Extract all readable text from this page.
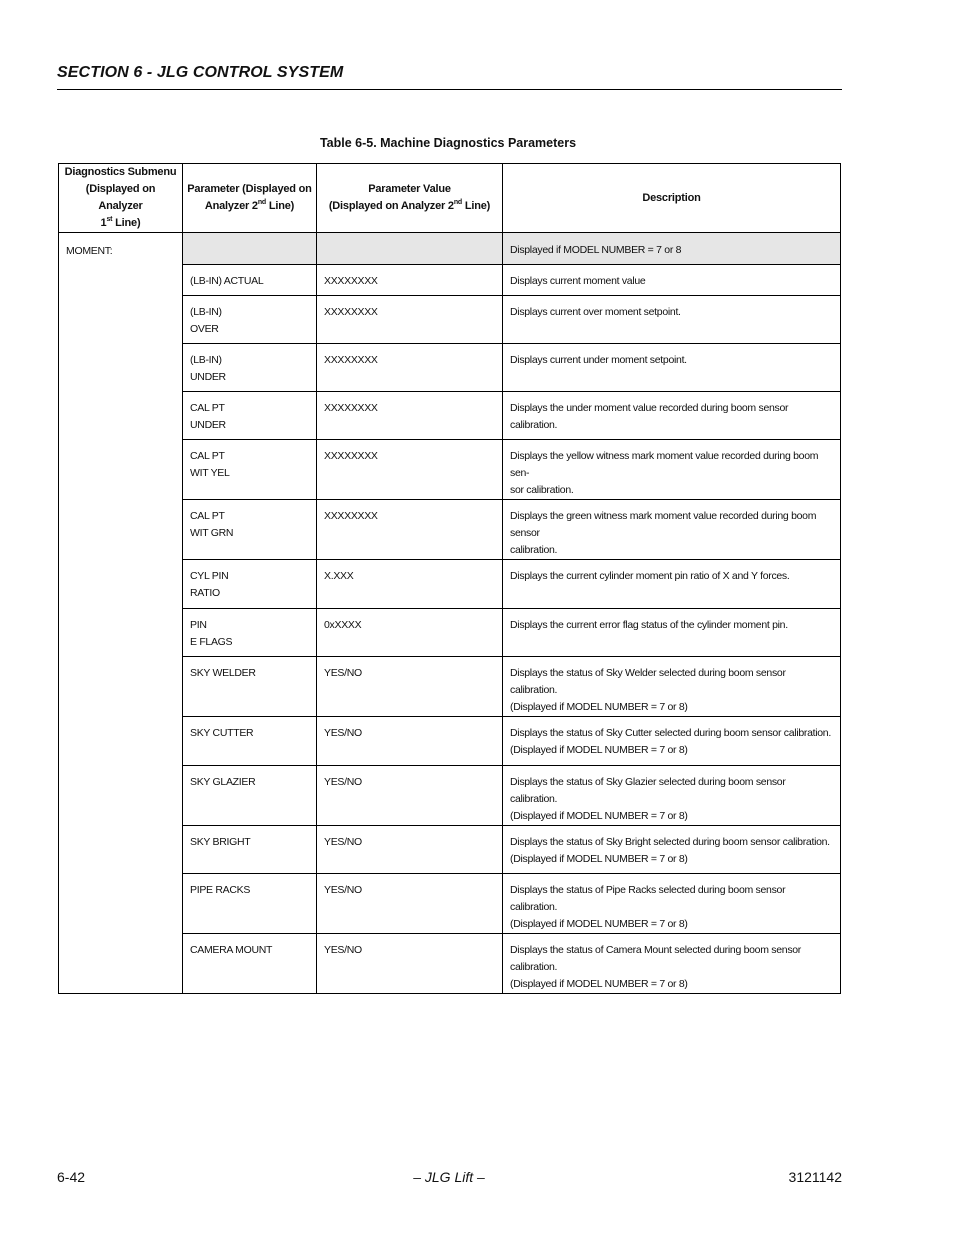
SECTION 6 - JLG CONTROL SYSTEM
Table 6-5. Machine Diagnostics Parameters
Diagnostics Submenu
(Displayed on Analyzer
1st Line)	Parameter (Displayed on
Analyzer 2nd Line)	Parameter Value
(Displayed on Analyzer 2nd Line)	Description

MOMENT:			Displayed if MODEL NUMBER = 7 or 8

	(LB-IN) ACTUAL	XXXXXXXX	Displays current moment value

	(LB-IN)
OVER	XXXXXXXX	Displays current over moment setpoint.

	(LB-IN)
UNDER	XXXXXXXX	Displays current under moment setpoint.

	CAL PT
UNDER	XXXXXXXX	Displays the under moment value recorded during boom sensor calibration.

	CAL PT
WIT YEL	XXXXXXXX	Displays the yellow witness mark moment value recorded during boom sen-
sor calibration.

	CAL PT
WIT GRN	XXXXXXXX	Displays the green witness mark moment value recorded during boom sensor
calibration.

	CYL PIN
RATIO	X.XXX	Displays the current cylinder moment pin ratio of X and Y forces.

	PIN
E FLAGS	0xXXXX	Displays the current error flag status of the cylinder moment pin.

	SKY WELDER	YES/NO	Displays the status of Sky Welder selected during boom sensor calibration.
(Displayed if MODEL NUMBER = 7 or 8)

	SKY CUTTER	YES/NO	Displays the status of Sky Cutter selected during boom sensor calibration.
(Displayed if MODEL NUMBER = 7 or 8)

	SKY GLAZIER	YES/NO	Displays the status of Sky Glazier selected during boom sensor calibration.
(Displayed if MODEL NUMBER = 7 or 8)

	SKY BRIGHT	YES/NO	Displays the status of Sky Bright selected during boom sensor calibration.
(Displayed if MODEL NUMBER = 7 or 8)

	PIPE RACKS	YES/NO	Displays the status of Pipe Racks selected during boom sensor calibration.
(Displayed if MODEL NUMBER = 7 or 8)

	CAMERA MOUNT	YES/NO	Displays the status of Camera Mount selected during boom sensor calibration.
(Displayed if MODEL NUMBER = 7 or 8)
6-42	– JLG Lift –	3121142
